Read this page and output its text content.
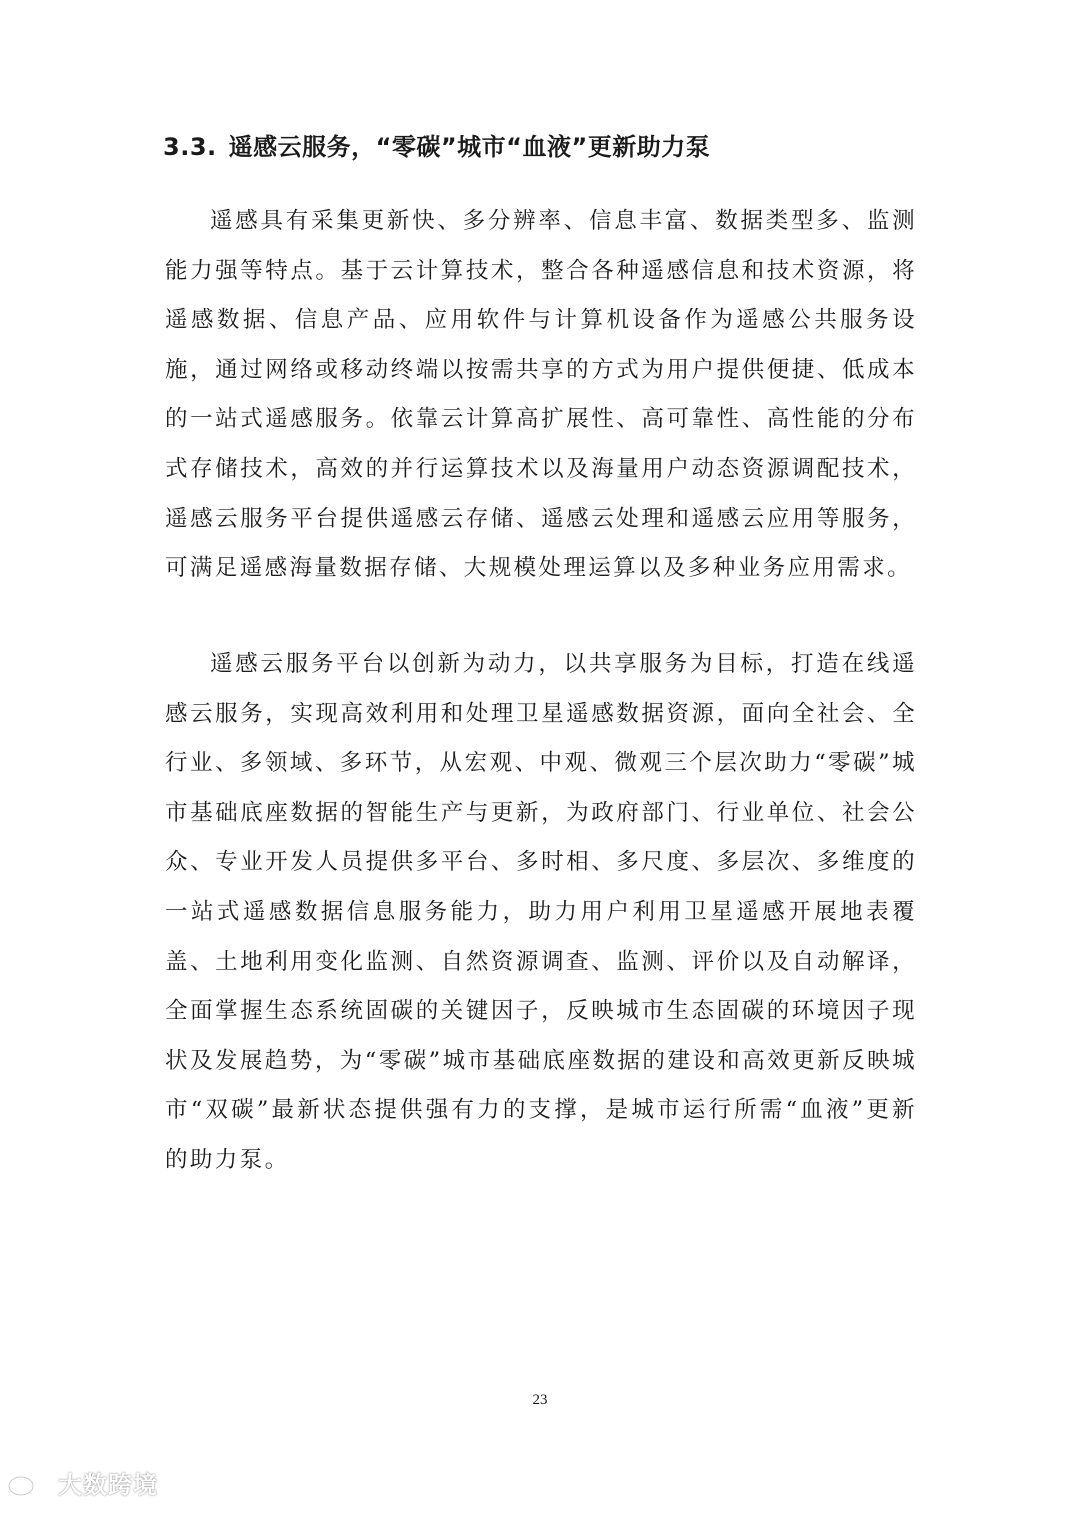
3.3. 遥感云服务，“零碳”城市“血液”更新助力泵

遥感具有采集更新快、多分辨率、信息丰富、数据类型多、监测能力强等特点。基于云计算技术，整合各种遥感信息和技术资源，将遥感数据、信息产品、应用软件与计算机设备作为遥感公共服务设施，通过网络或移动终端以按需共享的方式为用户提供便捷、低成本的一站式遥感服务。依靠云计算高扩展性、高可靠性、高性能的分布式存储技术，高效的并行运算技术以及海量用户动态资源调配技术，遥感云服务平台提供遥感云存储、遥感云处理和遥感云应用等服务，可满足遥感海量数据存储、大规模处理运算以及多种业务应用需求。

遥感云服务平台以创新为动力，以共享服务为目标，打造在线遥感云服务，实现高效利用和处理卫星遥感数据资源，面向全社会、全行业、多领域、多环节，从宏观、中观、微观三个层次助力“零碳”城市基础底座数据的智能生产与更新，为政府部门、行业单位、社会公众、专业开发人员提供多平台、多时相、多尺度、多层次、多维度的一站式遥感数据信息服务能力，助力用户利用卫星遥感开展地表覆盖、土地利用变化监测、自然资源调查、监测、评价以及自动解译，全面掌握生态系统固碳的关键因子，反映城市生态固碳的环境因子现状及发展趋势，为“零碳”城市基础底座数据的建设和高效更新反映城市“双碳”最新状态提供强有力的支撑，是城市运行所需“血液”更新的助力泵。

23
大数跨境
